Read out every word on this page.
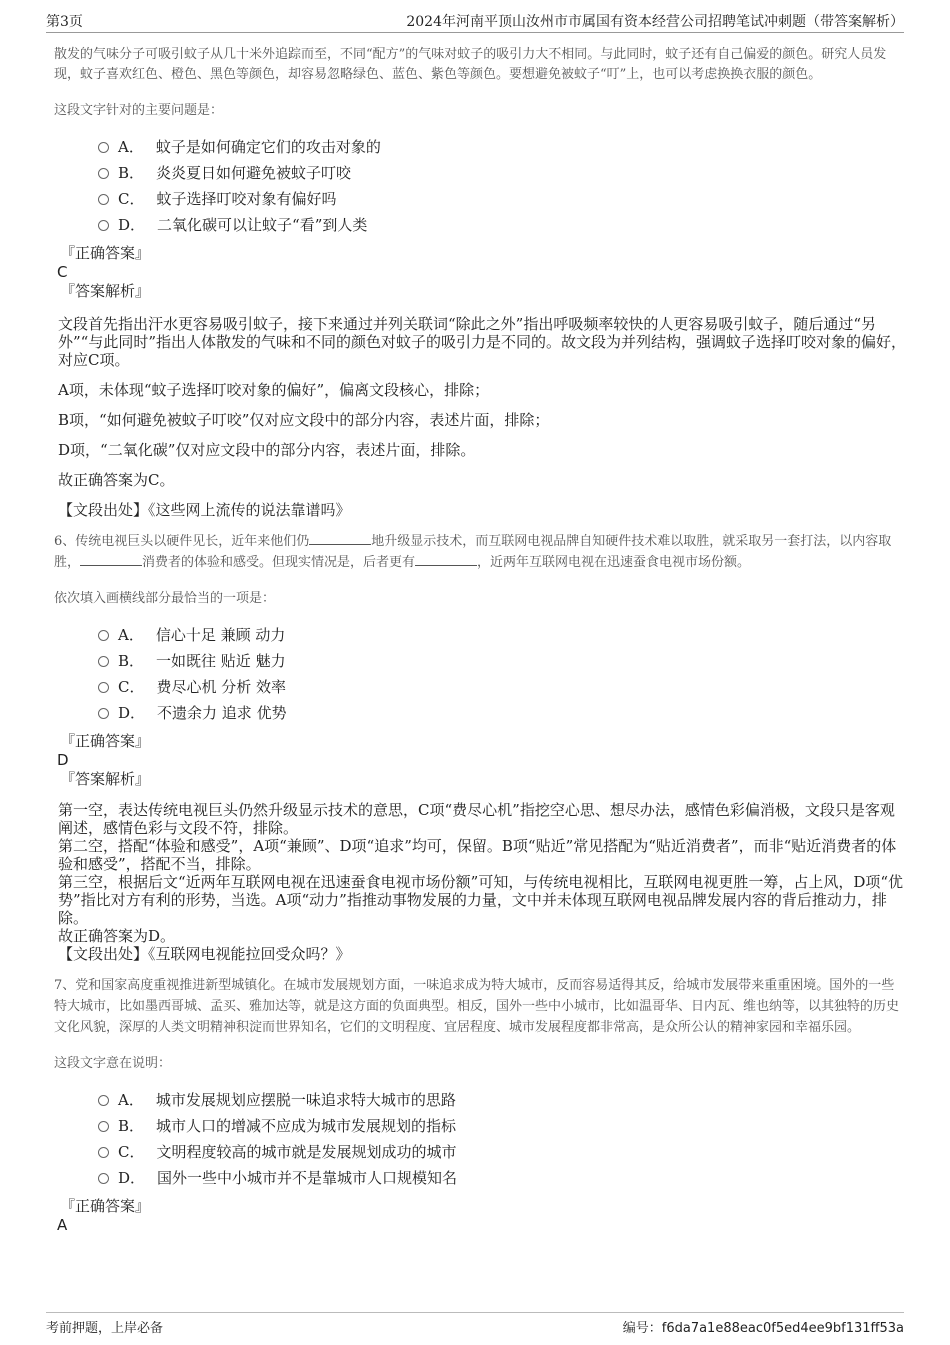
第3页	2024年河南平顶山汝州市市属国有资本经营公司招聘笔试冲刺题（带答案解析）

散发的气味分子可吸引蚊子从几十米外追踪而至，不同“配方”的气味对蚊子的吸引力大不相同。与此同时，蚊子还有自己偏爱的颜色。研究人员发现，蚊子喜欢红色、橙色、黑色等颜色，却容易忽略绿色、蓝色、紫色等颜色。要想避免被蚊子“叮”上，也可以考虑换换衣服的颜色。

这段文字针对的主要问题是：
A． 蚊子是如何确定它们的攻击对象的
B． 炎炎夏日如何避免被蚊子叮咬
C． 蚊子选择叮咬对象有偏好吗
D． 二氧化碳可以让蚊子“看”到人类
『正确答案』
C
『答案解析』

文段首先指出汗水更容易吸引蚊子，接下来通过并列关联词“除此之外”指出呼吸频率较快的人更容易吸引蚊子，随后通过“另外”“与此同时”指出人体散发的气味和不同的颜色对蚊子的吸引力是不同的。故文段为并列结构，强调蚊子选择叮咬对象的偏好，对应C项。

A项，未体现“蚊子选择叮咬对象的偏好”，偏离文段核心，排除；

B项，“如何避免被蚊子叮咬”仅对应文段中的部分内容，表述片面，排除；

D项，“二氧化碳”仅对应文段中的部分内容，表述片面，排除。

故正确答案为C。

【文段出处】《这些网上流传的说法靠谱吗》

6、传统电视巨头以硬件见长，近年来他们仍	地升级显示技术，而互联网电视品牌自知硬件技术难以取胜，就采取另一套打法，以内容取胜，	消费者的体验和感受。但现实情况是，后者更有	，近两年互联网电视在迅速蚕食电视市场份额。

依次填入画横线部分最恰当的一项是：
A． 信心十足 兼顾 动力
B． 一如既往 贴近 魅力
C． 费尽心机 分析 效率
D． 不遗余力 追求 优势
『正确答案』
D
『答案解析』

第一空，表达传统电视巨头仍然升级显示技术的意思，C项“费尽心机”指挖空心思、想尽办法，感情色彩偏消极，文段只是客观阐述，感情色彩与文段不符，排除。

第二空，搭配“体验和感受”，A项“兼顾”、D项“追求”均可，保留。B项“贴近”常见搭配为“贴近消费者”，而非“贴近消费者的体验和感受”，搭配不当，排除。

第三空，根据后文“近两年互联网电视在迅速蚕食电视市场份额”可知，与传统电视相比，互联网电视更胜一筹，占上风，D项“优势”指比对方有利的形势，当选。A项“动力”指推动事物发展的力量，文中并未体现互联网电视品牌发展内容的背后推动力，排除。

故正确答案为D。

【文段出处】《互联网电视能拉回受众吗？》

7、党和国家高度重视推进新型城镇化。在城市发展规划方面，一味追求成为特大城市，反而容易适得其反，给城市发展带来重重困境。国外的一些特大城市，比如墨西哥城、孟买、雅加达等，就是这方面的负面典型。相反，国外一些中小城市，比如温哥华、日内瓦、维也纳等，以其独特的历史文化风貌，深厚的人类文明精神积淀而世界知名，它们的文明程度、宜居程度、城市发展程度都非常高，是众所公认的精神家园和幸福乐园。

这段文字意在说明：
A． 城市发展规划应摆脱一味追求特大城市的思路
B． 城市人口的增减不应成为城市发展规划的指标
C． 文明程度较高的城市就是发展规划成功的城市
D． 国外一些中小城市并不是靠城市人口规模知名
『正确答案』
A
考前押题，上岸必备	编号：f6da7a1e88eac0f5ed4ee9bf131ff53a
